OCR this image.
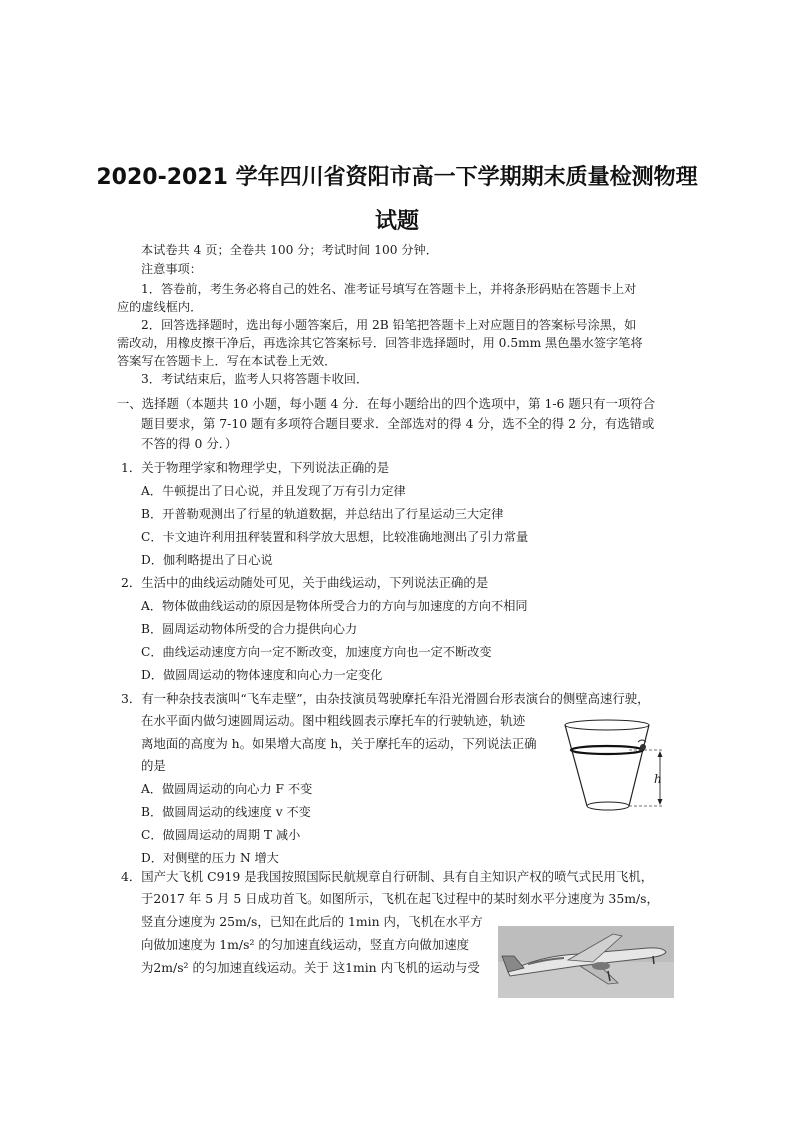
2020-2021 学年四川省资阳市高一下学期期末质量检测物理
试题
本试卷共 4 页；全卷共 100 分；考试时间 100 分钟．
注意事项：
1．答卷前，考生务必将自己的姓名、准考证号填写在答题卡上，并将条形码贴在答题卡上对
应的虚线框内．
2．回答选择题时，选出每小题答案后，用 2B 铅笔把答题卡上对应题目的答案标号涂黑，如
需改动，用橡皮擦干净后，再选涂其它答案标号．回答非选择题时，用 0.5mm 黑色墨水签字笔将
答案写在答题卡上．写在本试卷上无效．
3．考试结束后，监考人只将答题卡收回．
一、选择题（本题共 10 小题，每小题 4 分．在每小题给出的四个选项中，第 1-6 题只有一项符合
题目要求，第 7-10 题有多项符合题目要求．全部选对的得 4 分，选不全的得 2 分，有选错或
不答的得 0 分．）
1．关于物理学家和物理学史，下列说法正确的是
A．牛顿提出了日心说，并且发现了万有引力定律
B．开普勒观测出了行星的轨道数据，并总结出了行星运动三大定律
C．卡文迪许利用扭秤装置和科学放大思想，比较准确地测出了引力常量
D．伽利略提出了日心说
2．生活中的曲线运动随处可见，关于曲线运动，下列说法正确的是
A．物体做曲线运动的原因是物体所受合力的方向与加速度的方向不相同
B．圆周运动物体所受的合力提供向心力
C．曲线运动速度方向一定不断改变，加速度方向也一定不断改变
D．做圆周运动的物体速度和向心力一定变化
3．有一种杂技表演叫“飞车走壁”，由杂技演员驾驶摩托车沿光滑圆台形表演台的侧壁高速行驶，
在水平面内做匀速圆周运动。图中粗线圆表示摩托车的行驶轨迹，轨迹
离地面的高度为 h。如果增大高度 h，关于摩托车的运动，下列说法正确
的是
A．做圆周运动的向心力 F 不变
B．做圆周运动的线速度 v 不变
C．做圆周运动的周期 T 减小
D．对侧壁的压力 N 增大
h
4．国产大飞机 C919 是我国按照国际民航规章自行研制、具有自主知识产权的喷气式民用飞机，
于2017 年 5 月 5 日成功首飞。如图所示，飞机在起飞过程中的某时刻水平分速度为 35m/s，
竖直分速度为 25m/s，已知在此后的 1min 内，飞机在水平方
向做加速度为 1m/s² 的匀加速直线运动，竖直方向做加速度
为2m/s² 的匀加速直线运动。关于 这1min 内飞机的运动与受
